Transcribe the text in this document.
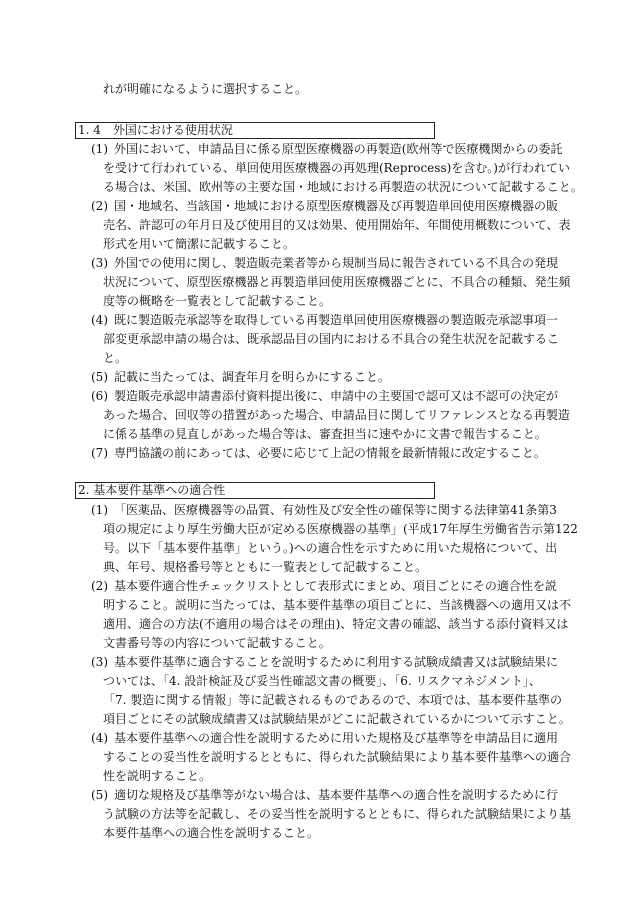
れが明確になるように選択すること。
1. 4　外国における使用状況
(1) 外国において、申請品目に係る原型医療機器の再製造(欧州等で医療機関からの委託
を受けて行われている、単回使用医療機器の再処理(Reprocess)を含む。)が行われてい
る場合は、米国、欧州等の主要な国・地域における再製造の状況について記載すること。
(2) 国・地域名、当該国・地域における原型医療機器及び再製造単回使用医療機器の販
売名、許認可の年月日及び使用目的又は効果、使用開始年、年間使用概数について、表
形式を用いて簡潔に記載すること。
(3) 外国での使用に関し、製造販売業者等から規制当局に報告されている不具合の発現
状況について、原型医療機器と再製造単回使用医療機器ごとに、不具合の種類、発生頻
度等の概略を一覧表として記載すること。
(4) 既に製造販売承認等を取得している再製造単回使用医療機器の製造販売承認事項一
部変更承認申請の場合は、既承認品目の国内における不具合の発生状況を記載するこ
と。
(5) 記載に当たっては、調査年月を明らかにすること。
(6) 製造販売承認申請書添付資料提出後に、申請中の主要国で認可又は不認可の決定が
あった場合、回収等の措置があった場合、申請品目に関してリファレンスとなる再製造
に係る基準の見直しがあった場合等は、審査担当に速やかに文書で報告すること。
(7) 専門協議の前にあっては、必要に応じて上記の情報を最新情報に改定すること。
2. 基本要件基準への適合性
(1) 「医薬品、医療機器等の品質、有効性及び安全性の確保等に関する法律第41条第3
項の規定により厚生労働大臣が定める医療機器の基準」(平成17年厚生労働省告示第122
号。以下「基本要件基準」という。)への適合性を示すために用いた規格について、出
典、年号、規格番号等とともに一覧表として記載すること。
(2) 基本要件適合性チェックリストとして表形式にまとめ、項目ごとにその適合性を説
明すること。説明に当たっては、基本要件基準の項目ごとに、当該機器への適用又は不
適用、適合の方法(不適用の場合はその理由)、特定文書の確認、該当する添付資料又は
文書番号等の内容について記載すること。
(3) 基本要件基準に適合することを説明するために利用する試験成績書又は試験結果に
ついては、「4. 設計検証及び妥当性確認文書の概要」、「6. リスクマネジメント」、
「7. 製造に関する情報」等に記載されるものであるので、本項では、基本要件基準の
項目ごとにその試験成績書又は試験結果がどこに記載されているかについて示すこと。
(4) 基本要件基準への適合性を説明するために用いた規格及び基準等を申請品目に適用
することの妥当性を説明するとともに、得られた試験結果により基本要件基準への適合
性を説明すること。
(5) 適切な規格及び基準等がない場合は、基本要件基準への適合性を説明するために行
う試験の方法等を記載し、その妥当性を説明するとともに、得られた試験結果により基
本要件基準への適合性を説明すること。
